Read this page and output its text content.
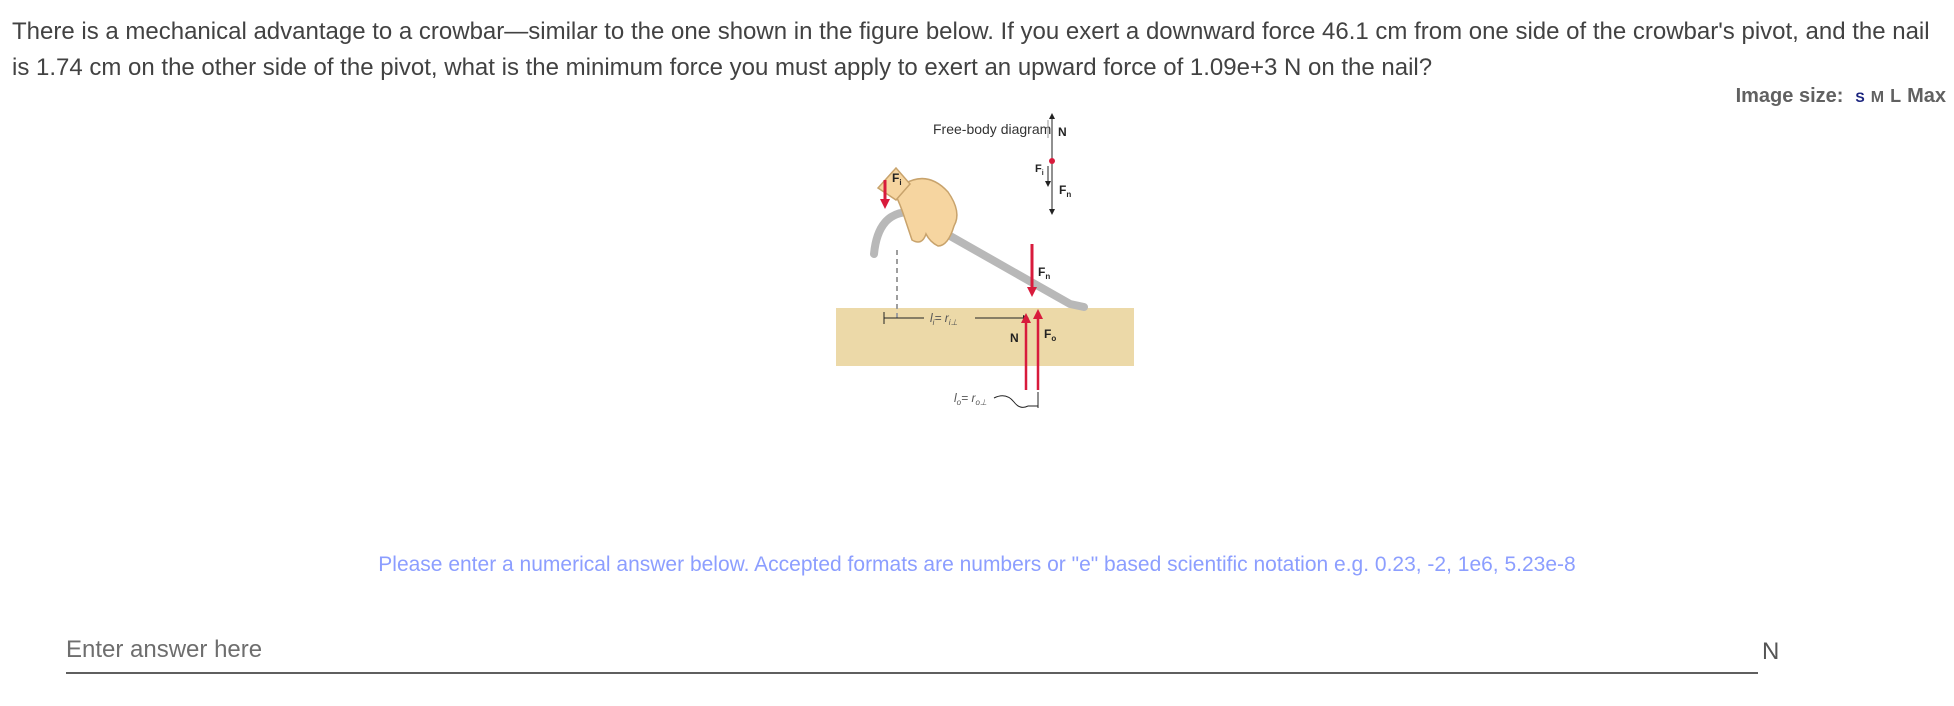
There is a mechanical advantage to a crowbar—similar to the one shown in the figure below. If you exert a downward force 46.1 cm from one side of the crowbar's pivot, and the nail is 1.74 cm on the other side of the pivot, what is the minimum force you must apply to exert an upward force of 1.09e+3 N on the nail?

Image size: S M L Max
$F_i$
$l_i= r_{i\perp}$
$F_n$
N $F_o$
$l_o= r_{o\perp}$
Free-body diagram N
$F_i$
$F_n$

Please enter a numerical answer below. Accepted formats are numbers or "e" based scientific notation e.g. 0.23, -2, 1e6, 5.23e-8

Enter answer here
N
